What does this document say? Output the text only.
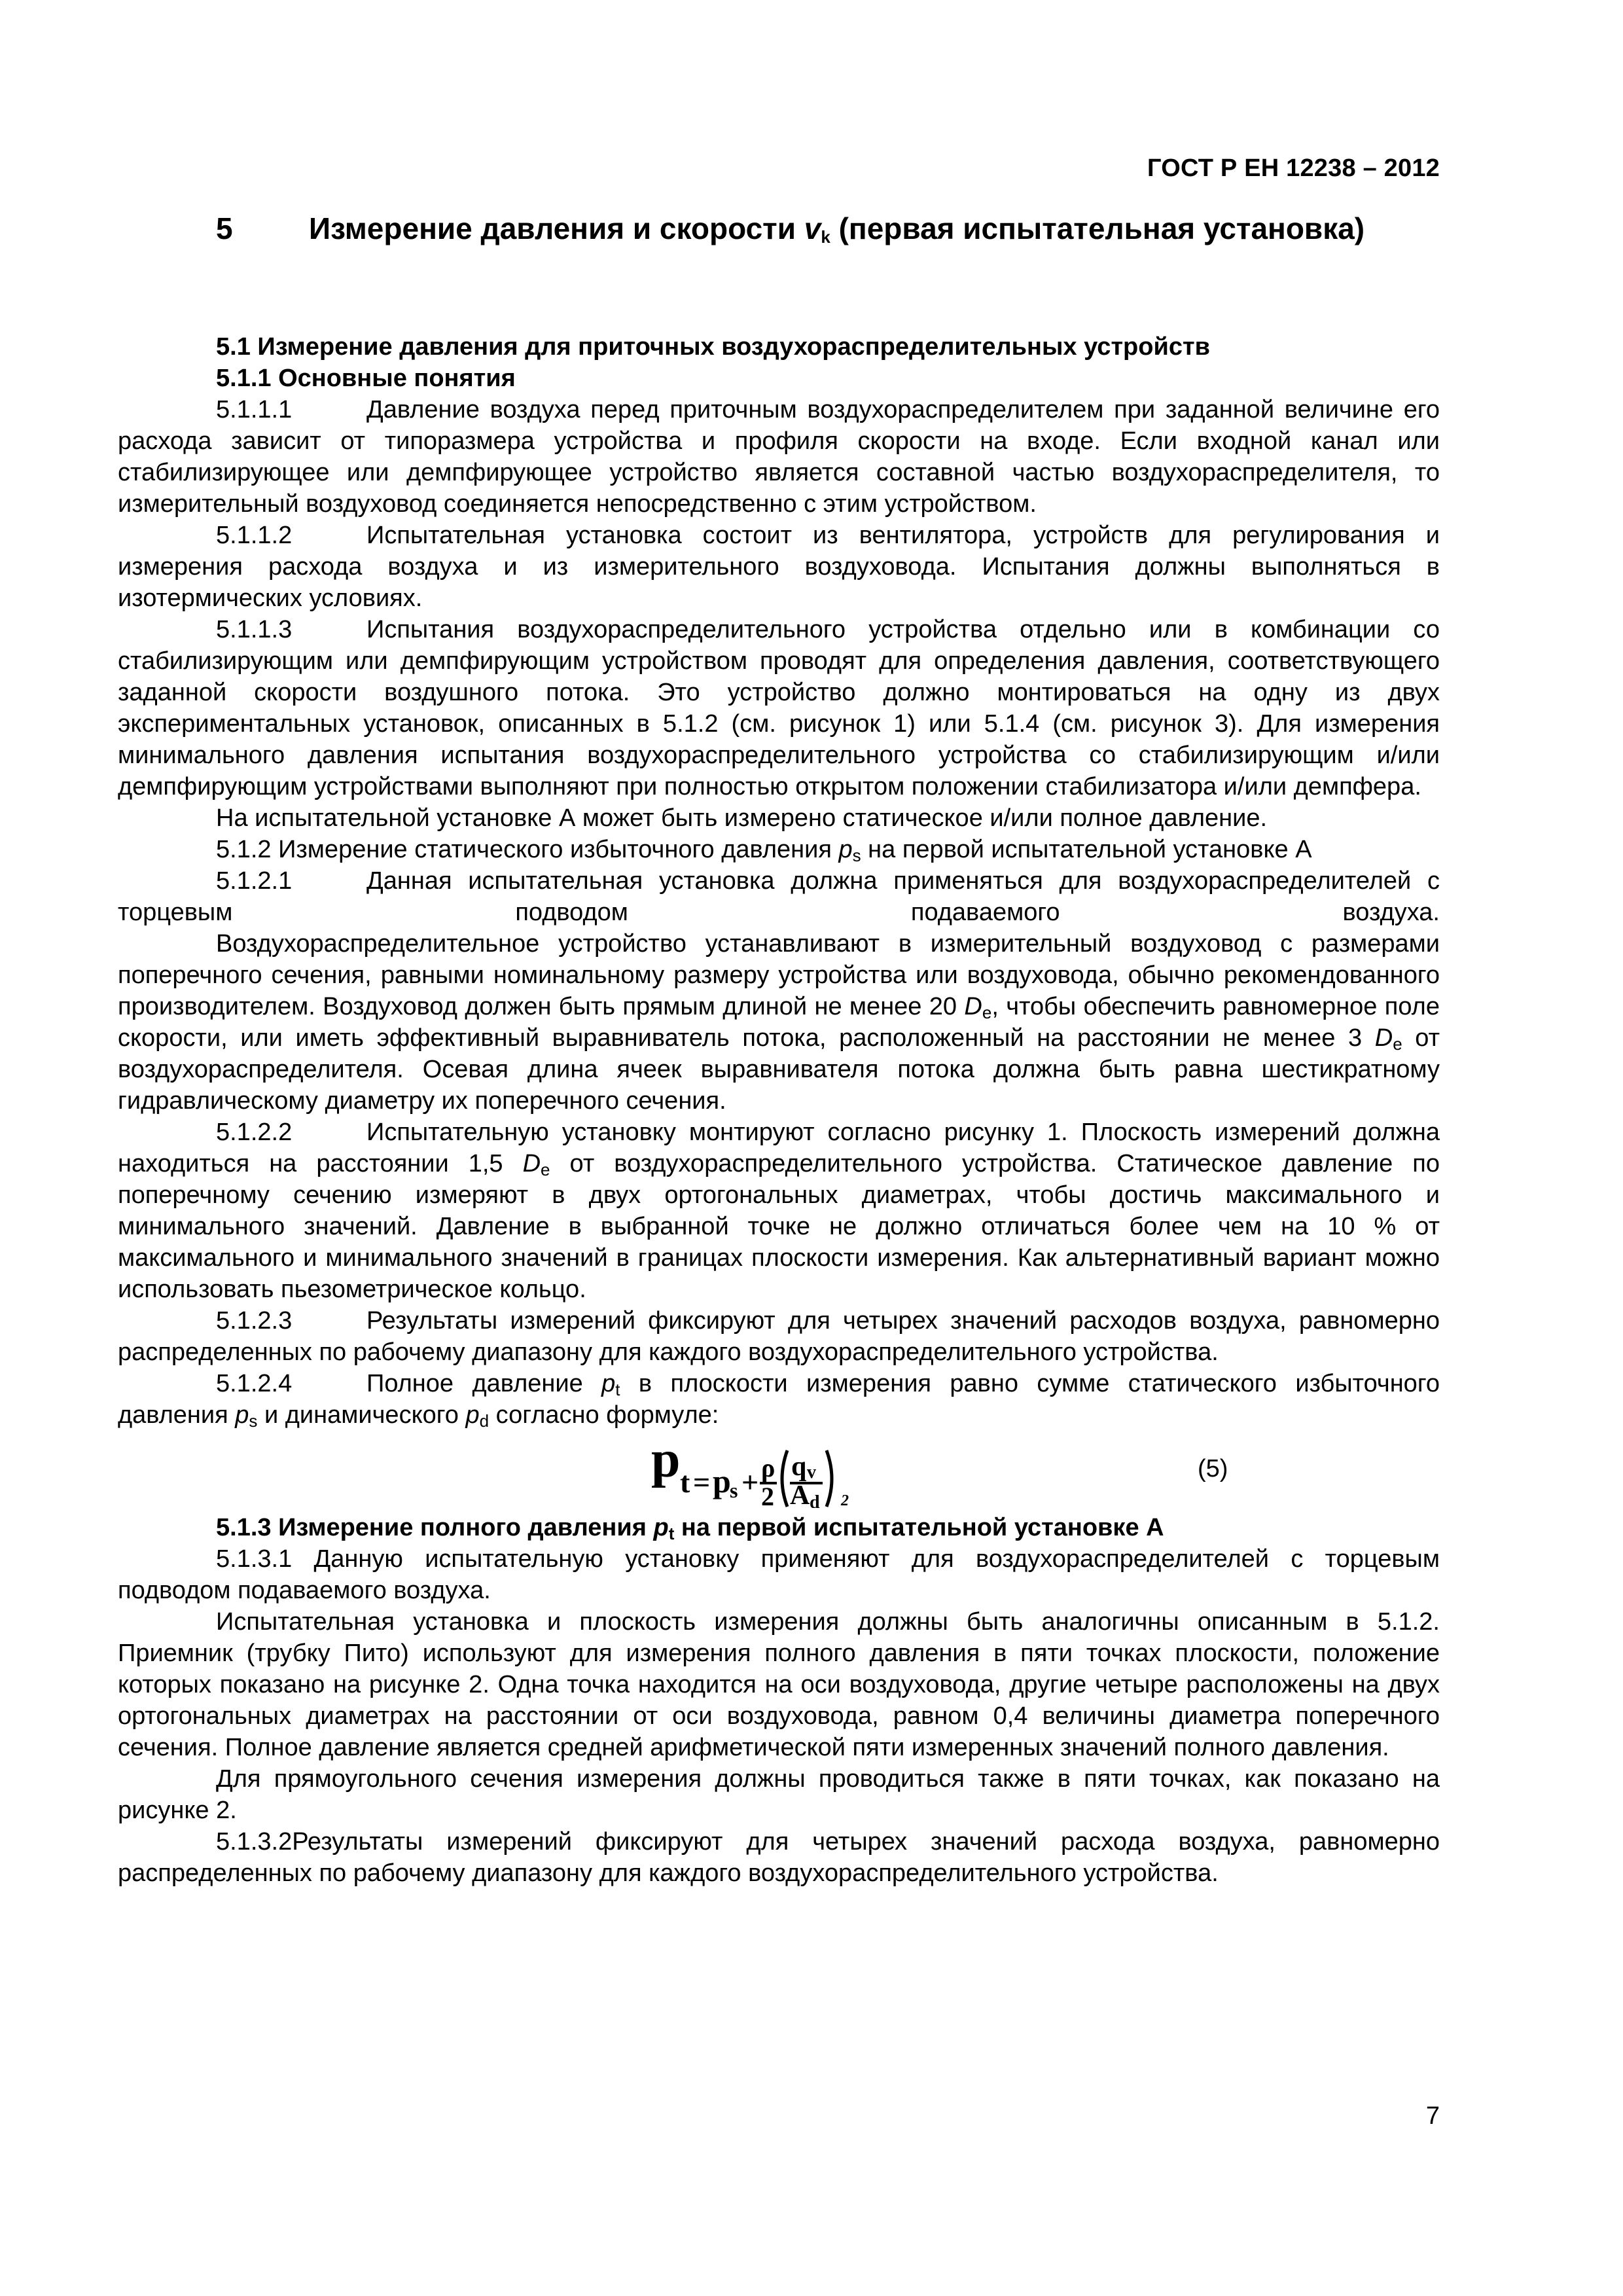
ГОСТ Р ЕН 12238 – 2012
5	Измерение давления и скорости $v_k$ (первая испытательная установка)

5.1 Измерение давления для приточных воздухораспределительных устройств

5.1.1 Основные понятия

5.1.1.1	Давление воздуха перед приточным воздухораспределителем при заданной величине его расхода зависит от типоразмера устройства и профиля скорости на входе. Если входной канал или стабилизирующее или демпфирующее устройство является составной частью воздухораспределителя, то измерительный воздуховод соединяется непосредственно с этим устройством.

5.1.1.2	Испытательная установка состоит из вентилятора, устройств для регулирования и измерения расхода воздуха и из измерительного воздуховода. Испытания должны выполняться в изотермических условиях.

5.1.1.3	Испытания воздухораспределительного устройства отдельно или в комбинации со стабилизирующим или демпфирующим устройством проводят для определения давления, соответствующего заданной скорости воздушного потока. Это устройство должно монтироваться на одну из двух экспериментальных установок, описанных в 5.1.2 (см. рисунок 1) или 5.1.4 (см. рисунок 3). Для измерения минимального давления испытания воздухораспределительного устройства со стабилизирующим и/или демпфирующим устройствами выполняют при полностью открытом положении стабилизатора и/или демпфера.

На испытательной установке А может быть измерено статическое и/или полное давление.

5.1.2 Измерение статического избыточного давления $p_s$ на первой испытательной установке А

5.1.2.1	Данная испытательная установка должна применяться для воздухораспределителей с торцевым подводом подаваемого воздуха.

Воздухораспределительное устройство устанавливают в измерительный воздуховод с размерами поперечного сечения, равными номинальному размеру устройства или воздуховода, обычно рекомендованного производителем. Воздуховод должен быть прямым длиной не менее 20 $D_e$, чтобы обеспечить равномерное поле скорости, или иметь эффективный выравниватель потока, расположенный на расстоянии не менее 3 $D_e$ от воздухораспределителя. Осевая длина ячеек выравнивателя потока должна быть равна шестикратному гидравлическому диаметру их поперечного сечения.

5.1.2.2	Испытательную установку монтируют согласно рисунку 1. Плоскость измерений должна находиться на расстоянии 1,5 $D_e$ от воздухораспределительного устройства. Статическое давление по поперечному сечению измеряют в двух ортогональных диаметрах, чтобы достичь максимального и минимального значений. Давление в выбранной точке не должно отличаться более чем на 10 % от максимального и минимального значений в границах плоскости измерения. Как альтернативный вариант можно использовать пьезометрическое кольцо.

5.1.2.3	Результаты измерений фиксируют для четырех значений расходов воздуха, равномерно распределенных по рабочему диапазону для каждого воздухораспределительного устройства.

5.1.2.4	Полное давление $p_t$ в плоскости измерения равно сумме статического избыточного давления $p_s$ и динамического $p_d$ согласно формуле:

p t = p
s + ρ
2
q v
A d 2
(5)

5.1.3 Измерение полного давления $p_t$ на первой испытательной установке А

5.1.3.1 Данную испытательную установку применяют для воздухораспределителей с торцевым подводом подаваемого воздуха.

Испытательная установка и плоскость измерения должны быть аналогичны описанным в 5.1.2. Приемник (трубку Пито) используют для измерения полного давления в пяти точках плоскости, положение которых показано на рисунке 2. Одна точка находится на оси воздуховода, другие четыре расположены на двух ортогональных диаметрах на расстоянии от оси воздуховода, равном 0,4 величины диаметра поперечного сечения. Полное давление является средней арифметической пяти измеренных значений полного давления.

Для прямоугольного сечения измерения должны проводиться также в пяти точках, как показано на рисунке 2.

5.1.3.2Результаты измерений фиксируют для четырех значений расхода воздуха, равномерно распределенных по рабочему диапазону для каждого воздухораспределительного устройства.

7
